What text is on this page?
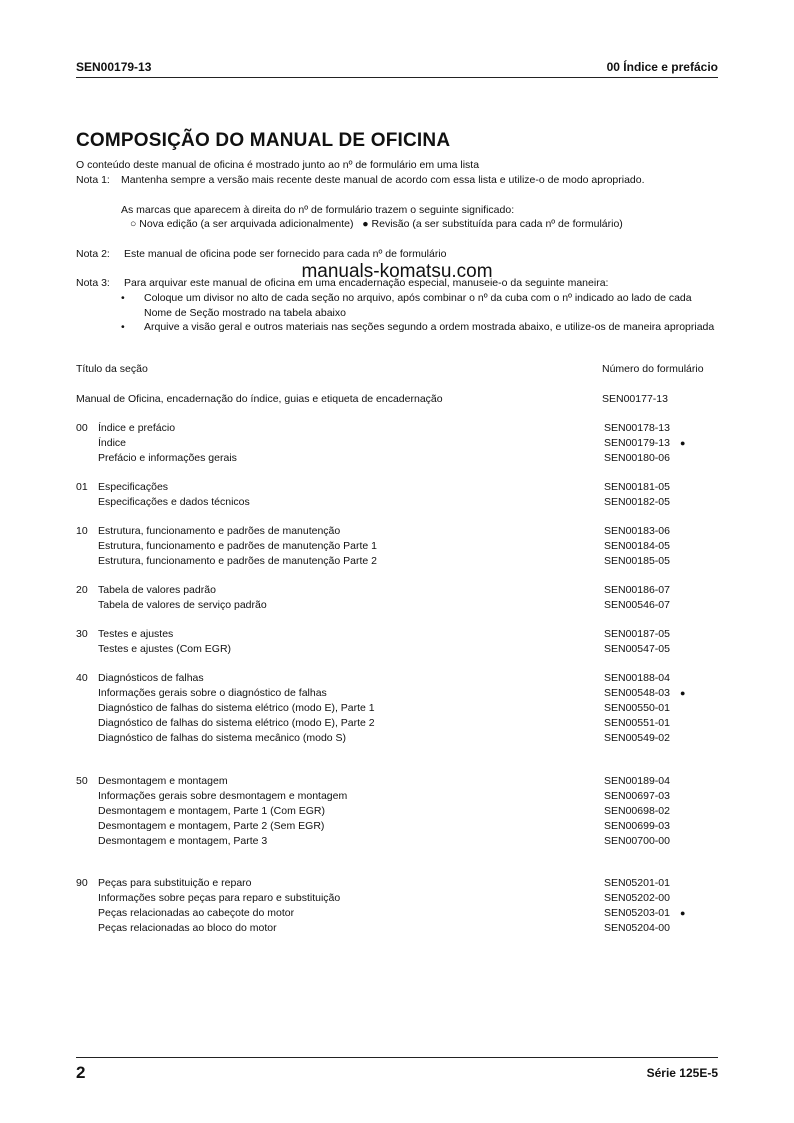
SEN00179-13	00 Índice e prefácio
COMPOSIÇÃO DO MANUAL DE OFICINA
O conteúdo deste manual de oficina é mostrado junto ao nº de formulário em uma lista
Nota 1: Mantenha sempre a versão mais recente deste manual de acordo com essa lista e utilize-o de modo apropriado.
As marcas que aparecem à direita do nº de formulário trazem o seguinte significado:
○ Nova edição (a ser arquivada adicionalmente) ● Revisão (a ser substituída para cada nº de formulário)
Nota 2: Este manual de oficina pode ser fornecido para cada nº de formulário
manuals-komatsu.com
Nota 3: Para arquivar este manual de oficina em uma encadernação especial, manuseie-o da seguinte maneira:
• Coloque um divisor no alto de cada seção no arquivo, após combinar o nº da cuba com o nº indicado ao lado de cada Nome de Seção mostrado na tabela abaixo
• Arquive a visão geral e outros materiais nas seções segundo a ordem mostrada abaixo, e utilize-os de maneira apropriada
Título da seção	Número do formulário
Manual de Oficina, encadernação do índice, guias e etiqueta de encadernação	SEN00177-13
00 Índice e prefácio	SEN00178-13
Índice	SEN00179-13 ●
Prefácio e informações gerais	SEN00180-06
01 Especificações	SEN00181-05
Especificações e dados técnicos	SEN00182-05
10 Estrutura, funcionamento e padrões de manutenção	SEN00183-06
Estrutura, funcionamento e padrões de manutenção Parte 1	SEN00184-05
Estrutura, funcionamento e padrões de manutenção Parte 2	SEN00185-05
20 Tabela de valores padrão	SEN00186-07
Tabela de valores de serviço padrão	SEN00546-07
30 Testes e ajustes	SEN00187-05
Testes e ajustes (Com EGR)	SEN00547-05
40 Diagnósticos de falhas	SEN00188-04
Informações gerais sobre o diagnóstico de falhas	SEN00548-03 ●
Diagnóstico de falhas do sistema elétrico (modo E), Parte 1	SEN00550-01
Diagnóstico de falhas do sistema elétrico (modo E), Parte 2	SEN00551-01
Diagnóstico de falhas do sistema mecânico (modo S)	SEN00549-02
50 Desmontagem e montagem	SEN00189-04
Informações gerais sobre desmontagem e montagem	SEN00697-03
Desmontagem e montagem, Parte 1 (Com EGR)	SEN00698-02
Desmontagem e montagem, Parte 2 (Sem EGR)	SEN00699-03
Desmontagem e montagem, Parte 3	SEN00700-00
90 Peças para substituição e reparo	SEN05201-01
Informações sobre peças para reparo e substituição	SEN05202-00
Peças relacionadas ao cabeçote do motor	SEN05203-01 ●
Peças relacionadas ao bloco do motor	SEN05204-00
2	Série 125E-5
